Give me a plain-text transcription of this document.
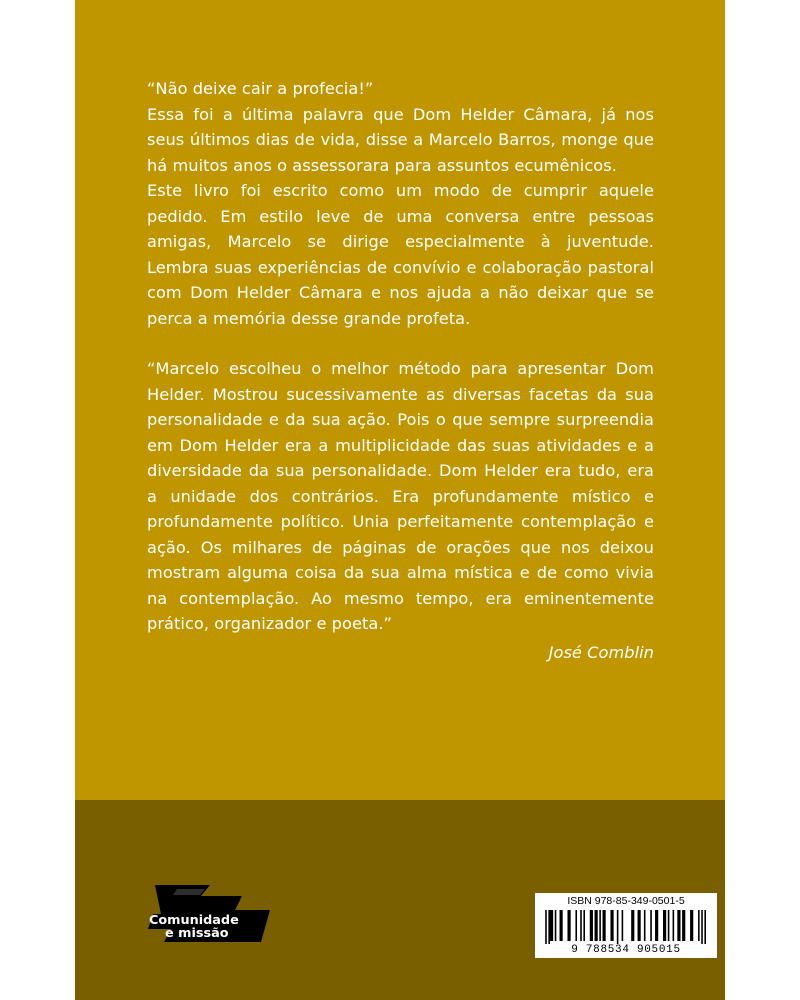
“Não deixe cair a profecia!”

Essa foi a última palavra que Dom Helder Câmara, já nos seus últimos dias de vida, disse a Marcelo Barros, monge que há muitos anos o assessorara para assuntos ecumênicos.

Este livro foi escrito como um modo de cumprir aquele pedido. Em estilo leve de uma conversa entre pessoas amigas, Marcelo se dirige especialmente à juventude. Lembra suas experiências de convívio e colaboração pastoral com Dom Helder Câmara e nos ajuda a não deixar que se perca a memória desse grande profeta.

“Marcelo escolheu o melhor método para apresentar Dom Helder. Mostrou sucessivamente as diversas facetas da sua personalidade e da sua ação. Pois o que sempre surpreendia em Dom Helder era a multiplicidade das suas atividades e a diversidade da sua personalidade. Dom Helder era tudo, era a unidade dos contrários. Era profundamente místico e profundamente político. Unia perfeitamente contemplação e ação. Os milhares de páginas de orações que nos deixou mostram alguma coisa da sua alma mística e de como vivia na contemplação. Ao mesmo tempo, era eminentemente prático, organizador e poeta.”

José Comblin

Comunidade
e missão
ISBN 978-85-349-0501-5
9 788534 905015
